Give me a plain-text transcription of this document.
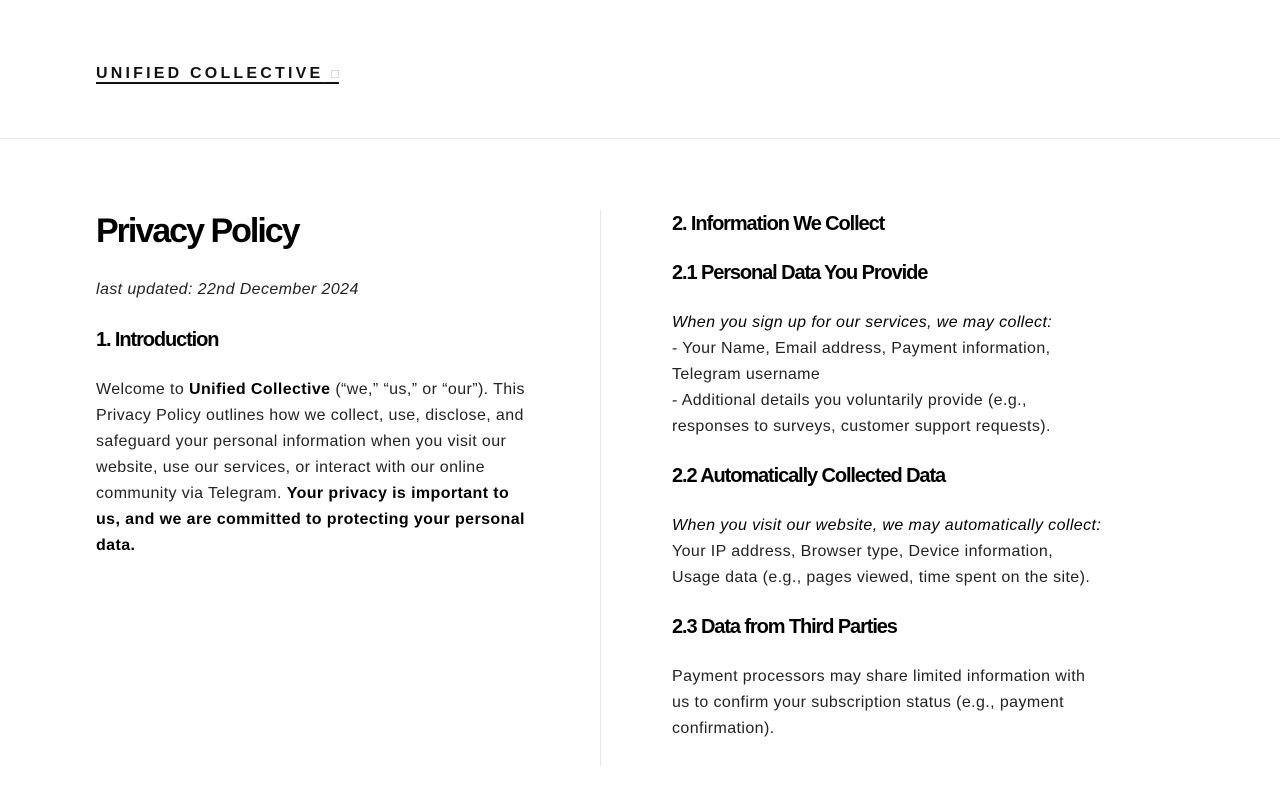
UNIFIED COLLECTIVE □
Privacy Policy

last updated: 22nd December 2024

1. Introduction

Welcome to Unified Collective (“we,” “us,” or “our”). This Privacy Policy outlines how we collect, use, disclose, and safeguard your personal information when you visit our website, use our services, or interact with our online community via Telegram. Your privacy is important to us, and we are committed to protecting your personal data.

2. Information We Collect
2.1 Personal Data You Provide

When you sign up for our services, we may collect:
- Your Name, Email address, Payment information, Telegram username
- Additional details you voluntarily provide (e.g., responses to surveys, customer support requests).

2.2 Automatically Collected Data

When you visit our website, we may automatically collect: Your IP address, Browser type, Device information, Usage data (e.g., pages viewed, time spent on the site).

2.3 Data from Third Parties

Payment processors may share limited information with us to confirm your subscription status (e.g., payment confirmation).
